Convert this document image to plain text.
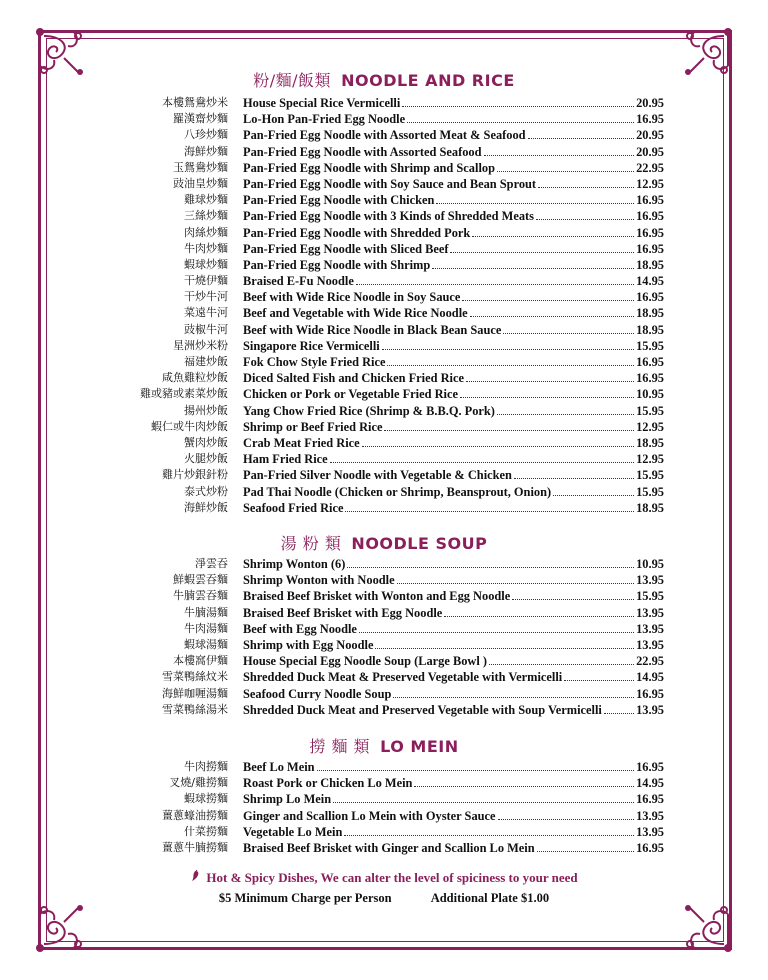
粉/麵/飯類 NOODLE AND RICE
本樓鴛鴦炒米 House Special Rice Vermicelli	20.95
羅漢齋炒麵 Lo-Hon Pan-Fried Egg Noodle	16.95
八珍炒麵 Pan-Fried Egg Noodle with Assorted Meat & Seafood	20.95
海鮮炒麵 Pan-Fried Egg Noodle with Assorted Seafood	20.95
玉鴛鴦炒麵 Pan-Fried Egg Noodle with Shrimp and Scallop	22.95
豉油皇炒麵 Pan-Fried Egg Noodle with Soy Sauce and Bean Sprout	12.95
雞球炒麵 Pan-Fried Egg Noodle with Chicken	16.95
三絲炒麵 Pan-Fried Egg Noodle with 3 Kinds of Shredded Meats	16.95
肉絲炒麵 Pan-Fried Egg Noodle with Shredded Pork	16.95
牛肉炒麵 Pan-Fried Egg Noodle with Sliced Beef	16.95
蝦球炒麵 Pan-Fried Egg Noodle with Shrimp	18.95
干燒伊麵 Braised E-Fu Noodle	14.95
干炒牛河 Beef with Wide Rice Noodle in Soy Sauce	16.95
菜遠牛河 Beef and Vegetable with Wide Rice Noodle	18.95
豉椒牛河 Beef with Wide Rice Noodle in Black Bean Sauce	18.95
星洲炒米粉 Singapore Rice Vermicelli	15.95
福建炒飯 Fok Chow Style Fried Rice	16.95
咸魚雞粒炒飯 Diced Salted Fish and Chicken Fried Rice	16.95
雞或豬或素菜炒飯 Chicken or Pork or Vegetable Fried Rice	10.95
揚州炒飯 Yang Chow Fried Rice (Shrimp & B.B.Q. Pork)	15.95
蝦仁或牛肉炒飯 Shrimp or Beef Fried Rice	12.95
蟹肉炒飯 Crab Meat Fried Rice	18.95
火腿炒飯 Ham Fried Rice	12.95
雞片炒銀針粉 Pan-Fried Silver Noodle with Vegetable & Chicken	15.95
泰式炒粉 Pad Thai Noodle (Chicken or Shrimp, Beansprout, Onion)	15.95
海鮮炒飯 Seafood Fried Rice	18.95
湯 粉 類 NOODLE SOUP
淨雲吞 Shrimp Wonton (6)	10.95
鮮蝦雲吞麵 Shrimp Wonton with Noodle	13.95
牛腩雲吞麵 Braised Beef Brisket with Wonton and Egg Noodle	15.95
牛腩湯麵 Braised Beef Brisket with Egg Noodle	13.95
牛肉湯麵 Beef with Egg Noodle	13.95
蝦球湯麵 Shrimp with Egg Noodle	13.95
本樓窩伊麵 House Special Egg Noodle Soup (Large Bowl )	22.95
雪菜鴨絲炆米 Shredded Duck Meat & Preserved Vegetable with Vermicelli	14.95
海鮮咖喱湯麵 Seafood Curry Noodle Soup	16.95
雪菜鴨絲湯米 Shredded Duck Meat and Preserved Vegetable with Soup Vermicelli	13.95
撈 麵 類 LO MEIN
牛肉撈麵 Beef Lo Mein	16.95
叉燒/雞撈麵 Roast Pork or Chicken Lo Mein	14.95
蝦球撈麵 Shrimp Lo Mein	16.95
薑蔥蠔油撈麵 Ginger and Scallion Lo Mein with Oyster Sauce	13.95
什菜撈麵 Vegetable Lo Mein	13.95
薑蔥牛腩撈麵 Braised Beef Brisket with Ginger and Scallion Lo Mein	16.95
Hot & Spicy Dishes, We can alter the level of spiciness to your need
$5 Minimum Charge per Person	Additional Plate $1.00
